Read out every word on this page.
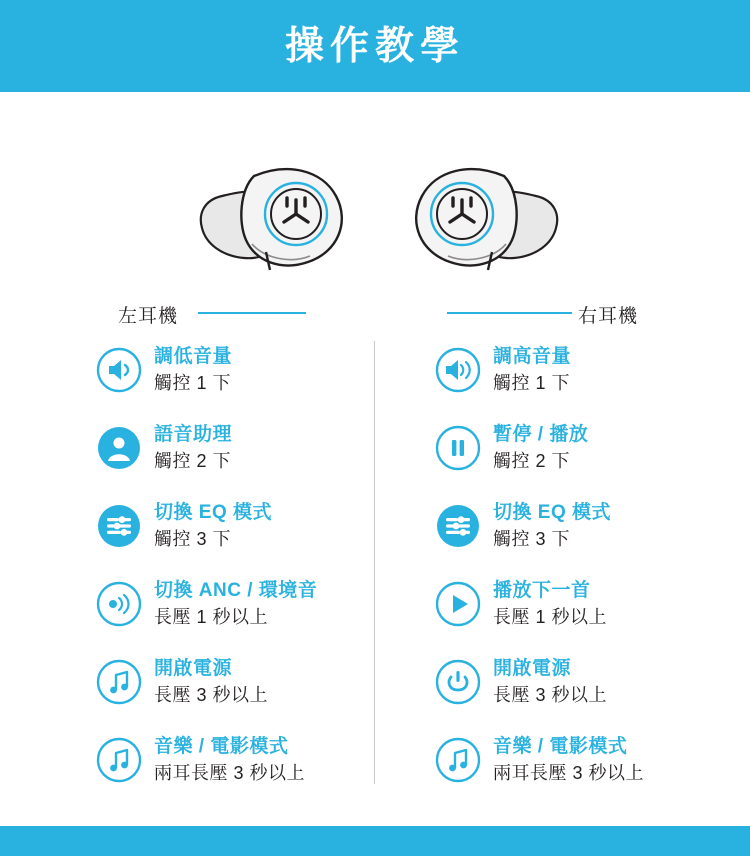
操作教學
左耳機	右耳機
調低音量
觸控 1 下
語音助理
觸控 2 下
切換 EQ 模式
觸控 3 下
切換 ANC / 環境音
長壓 1 秒以上
開啟電源
長壓 3 秒以上
音樂 / 電影模式
兩耳長壓 3 秒以上
調高音量
觸控 1 下
暫停 / 播放
觸控 2 下
切換 EQ 模式
觸控 3 下
播放下一首
長壓 1 秒以上
開啟電源
長壓 3 秒以上
音樂 / 電影模式
兩耳長壓 3 秒以上
